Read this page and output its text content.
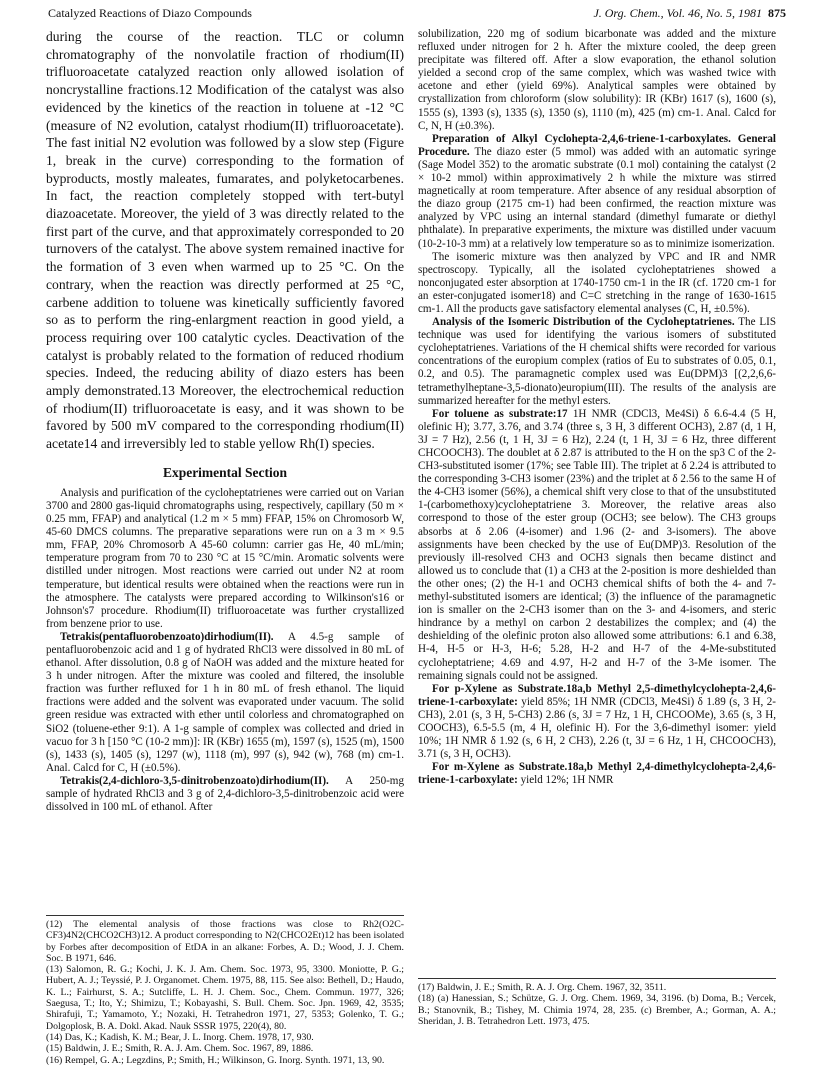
Catalyzed Reactions of Diazo Compounds	J. Org. Chem., Vol. 46, No. 5, 1981 875

during the course of the reaction. TLC or column chromatography of the nonvolatile fraction of rhodium(II) trifluoroacetate catalyzed reaction only allowed isolation of noncrystalline fractions.12 Modification of the catalyst was also evidenced by the kinetics of the reaction in toluene at -12 °C (measure of N2 evolution, catalyst rhodium(II) trifluoroacetate). The fast initial N2 evolution was followed by a slow step (Figure 1, break in the curve) corresponding to the formation of byproducts, mostly maleates, fumarates, and polyketocarbenes. In fact, the reaction completely stopped with tert-butyl diazoacetate. Moreover, the yield of 3 was directly related to the first part of the curve, and that approximately corresponded to 20 turnovers of the catalyst. The above system remained inactive for the formation of 3 even when warmed up to 25 °C. On the contrary, when the reaction was directly performed at 25 °C, carbene addition to toluene was kinetically sufficiently favored so as to perform the ring-enlargment reaction in good yield, a process requiring over 100 catalytic cycles. Deactivation of the catalyst is probably related to the formation of reduced rhodium species. Indeed, the reducing ability of diazo esters has been amply demonstrated.13 Moreover, the electrochemical reduction of rhodium(II) trifluoroacetate is easy, and it was shown to be favored by 500 mV compared to the corresponding rhodium(II) acetate14 and irreversibly led to stable yellow Rh(I) species.

Experimental Section

Analysis and purification of the cycloheptatrienes were carried out on Varian 3700 and 2800 gas-liquid chromatographs using, respectively, capillary (50 m × 0.25 mm, FFAP) and analytical (1.2 m × 5 mm) FFAP, 15% on Chromosorb W, 45-60 DMCS columns. The preparative separations were run on a 3 m × 9.5 mm, FFAP, 20% Chromosorb A 45-60 column: carrier gas He, 40 mL/min; temperature program from 70 to 230 °C at 15 °C/min. Aromatic solvents were distilled under nitrogen. Most reactions were carried out under N2 at room temperature, but identical results were obtained when the reactions were run in the atmosphere. The catalysts were prepared according to Wilkinson's16 or Johnson's7 procedure. Rhodium(II) trifluoroacetate was further crystallized from benzene prior to use.

Tetrakis(pentafluorobenzoato)dirhodium(II). A 4.5-g sample of pentafluorobenzoic acid and 1 g of hydrated RhCl3 were dissolved in 80 mL of ethanol. After dissolution, 0.8 g of NaOH was added and the mixture heated for 3 h under nitrogen. After the mixture was cooled and filtered, the insoluble fraction was further refluxed for 1 h in 80 mL of fresh ethanol. The liquid fractions were added and the solvent was evaporated under vacuum. The solid green residue was extracted with ether until colorless and chromatographed on SiO2 (toluene-ether 9:1). A 1-g sample of complex was collected and dried in vacuo for 3 h [150 °C (10-2 mm)]: IR (KBr) 1655 (m), 1597 (s), 1525 (m), 1500 (s), 1433 (s), 1405 (s), 1297 (w), 1118 (m), 997 (s), 942 (w), 768 (m) cm-1. Anal. Calcd for C, H (±0.5%).

Tetrakis(2,4-dichloro-3,5-dinitrobenzoato)dirhodium(II). A 250-mg sample of hydrated RhCl3 and 3 g of 2,4-dichloro-3,5-dinitrobenzoic acid were dissolved in 100 mL of ethanol. After

(12) The elemental analysis of those fractions was close to Rh2(O2C-CF3)4N2(CHCO2CH3)12. A product corresponding to N2(CHCO2Et)12 has been isolated by Forbes after decomposition of EtDA in an alkane: Forbes, A. D.; Wood, J. J. Chem. Soc. B 1971, 646.

(13) Salomon, R. G.; Kochi, J. K. J. Am. Chem. Soc. 1973, 95, 3300. Moniotte, P. G.; Hubert, A. J.; Teyssié, P. J. Organomet. Chem. 1975, 88, 115. See also: Bethell, D.; Haudo, K. L.; Fairhurst, S. A.; Sutcliffe, L. H. J. Chem. Soc., Chem. Commun. 1977, 326; Saegusa, T.; Ito, Y.; Shimizu, T.; Kobayashi, S. Bull. Chem. Soc. Jpn. 1969, 42, 3535; Shirafuji, T.; Yamamoto, Y.; Nozaki, H. Tetrahedron 1971, 27, 5353; Golenko, T. G.; Dolgoplosk, B. A. Dokl. Akad. Nauk SSSR 1975, 220(4), 80.

(14) Das, K.; Kadish, K. M.; Bear, J. L. Inorg. Chem. 1978, 17, 930.

(15) Baldwin, J. E.; Smith, R. A. J. Am. Chem. Soc. 1967, 89, 1886.

(16) Rempel, G. A.; Legzdins, P.; Smith, H.; Wilkinson, G. Inorg. Synth. 1971, 13, 90.

solubilization, 220 mg of sodium bicarbonate was added and the mixture refluxed under nitrogen for 2 h. After the mixture cooled, the deep green precipitate was filtered off. After a slow evaporation, the ethanol solution yielded a second crop of the same complex, which was washed twice with acetone and ether (yield 69%). Analytical samples were obtained by crystallization from chloroform (slow solubility): IR (KBr) 1617 (s), 1600 (s), 1555 (s), 1393 (s), 1335 (s), 1350 (s), 1110 (m), 425 (m) cm-1. Anal. Calcd for C, N, H (±0.3%).

Preparation of Alkyl Cyclohepta-2,4,6-triene-1-carboxylates. General Procedure. The diazo ester (5 mmol) was added with an automatic syringe (Sage Model 352) to the aromatic substrate (0.1 mol) containing the catalyst (2 × 10-2 mmol) within approximatively 2 h while the mixture was stirred magnetically at room temperature. After absence of any residual absorption of the diazo group (2175 cm-1) had been confirmed, the reaction mixture was analyzed by VPC using an internal standard (dimethyl fumarate or diethyl phthalate). In preparative experiments, the mixture was distilled under vacuum (10-2-10-3 mm) at a relatively low temperature so as to minimize isomerization.

The isomeric mixture was then analyzed by VPC and IR and NMR spectroscopy. Typically, all the isolated cycloheptatrienes showed a nonconjugated ester absorption at 1740-1750 cm-1 in the IR (cf. 1720 cm-1 for an ester-conjugated isomer18) and C=C stretching in the range of 1630-1615 cm-1. All the products gave satisfactory elemental analyses (C, H, ±0.5%).

Analysis of the Isomeric Distribution of the Cycloheptatrienes. The LIS technique was used for identifying the various isomers of substituted cycloheptatrienes. Variations of the H chemical shifts were recorded for various concentrations of the europium complex (ratios of Eu to substrates of 0.05, 0.1, 0.2, and 0.5). The paramagnetic complex used was Eu(DPM)3 [(2,2,6,6-tetramethylheptane-3,5-dionato)europium(III). The results of the analysis are summarized hereafter for the methyl esters.

For toluene as substrate:17 1H NMR (CDCl3, Me4Si) δ 6.6-4.4 (5 H, olefinic H); 3.77, 3.76, and 3.74 (three s, 3 H, 3 different OCH3), 2.87 (d, 1 H, 3J = 7 Hz), 2.56 (t, 1 H, 3J = 6 Hz), 2.24 (t, 1 H, 3J = 6 Hz, three different CHCOOCH3). The doublet at δ 2.87 is attributed to the H on the sp3 C of the 2-CH3-substituted isomer (17%; see Table III). The triplet at δ 2.24 is attributed to the corresponding 3-CH3 isomer (23%) and the triplet at δ 2.56 to the same H of the 4-CH3 isomer (56%), a chemical shift very close to that of the unsubstituted 1-(carbomethoxy)cycloheptatriene 3. Moreover, the relative areas also correspond to those of the ester group (OCH3; see below). The CH3 groups absorbs at δ 2.06 (4-isomer) and 1.96 (2- and 3-isomers). The above assignments have been checked by the use of Eu(DMP)3. Resolution of the previously ill-resolved CH3 and OCH3 signals then became distinct and allowed us to conclude that (1) a CH3 at the 2-position is more deshielded than the other ones; (2) the H-1 and OCH3 chemical shifts of both the 4- and 7-methyl-substituted isomers are identical; (3) the influence of the paramagnetic ion is smaller on the 2-CH3 isomer than on the 3- and 4-isomers, and steric hindrance by a methyl on carbon 2 destabilizes the complex; and (4) the deshielding of the olefinic proton also allowed some attributions: 6.1 and 6.38, H-4, H-5 or H-3, H-6; 5.28, H-2 and H-7 of the 4-Me-substituted cycloheptatriene; 4.69 and 4.97, H-2 and H-7 of the 3-Me isomer. The remaining signals could not be assigned.

For p-Xylene as Substrate.18a,b Methyl 2,5-dimethylcyclohepta-2,4,6-triene-1-carboxylate: yield 85%; 1H NMR (CDCl3, Me4Si) δ 1.89 (s, 3 H, 2-CH3), 2.01 (s, 3 H, 5-CH3) 2.86 (s, 3J = 7 Hz, 1 H, CHCOOMe), 3.65 (s, 3 H, COOCH3), 6.5-5.5 (m, 4 H, olefinic H). For the 3,6-dimethyl isomer: yield 10%; 1H NMR δ 1.92 (s, 6 H, 2 CH3), 2.26 (t, 3J = 6 Hz, 1 H, CHCOOCH3), 3.71 (s, 3 H, OCH3).

For m-Xylene as Substrate.18a,b Methyl 2,4-dimethylcyclohepta-2,4,6-triene-1-carboxylate: yield 12%; 1H NMR

(17) Baldwin, J. E.; Smith, R. A. J. Org. Chem. 1967, 32, 3511.

(18) (a) Hanessian, S.; Schütze, G. J. Org. Chem. 1969, 34, 3196. (b) Doma, B.; Vercek, B.; Stanovnik, B.; Tishey, M. Chimia 1974, 28, 235. (c) Brember, A.; Gorman, A. A.; Sheridan, J. B. Tetrahedron Lett. 1973, 475.
